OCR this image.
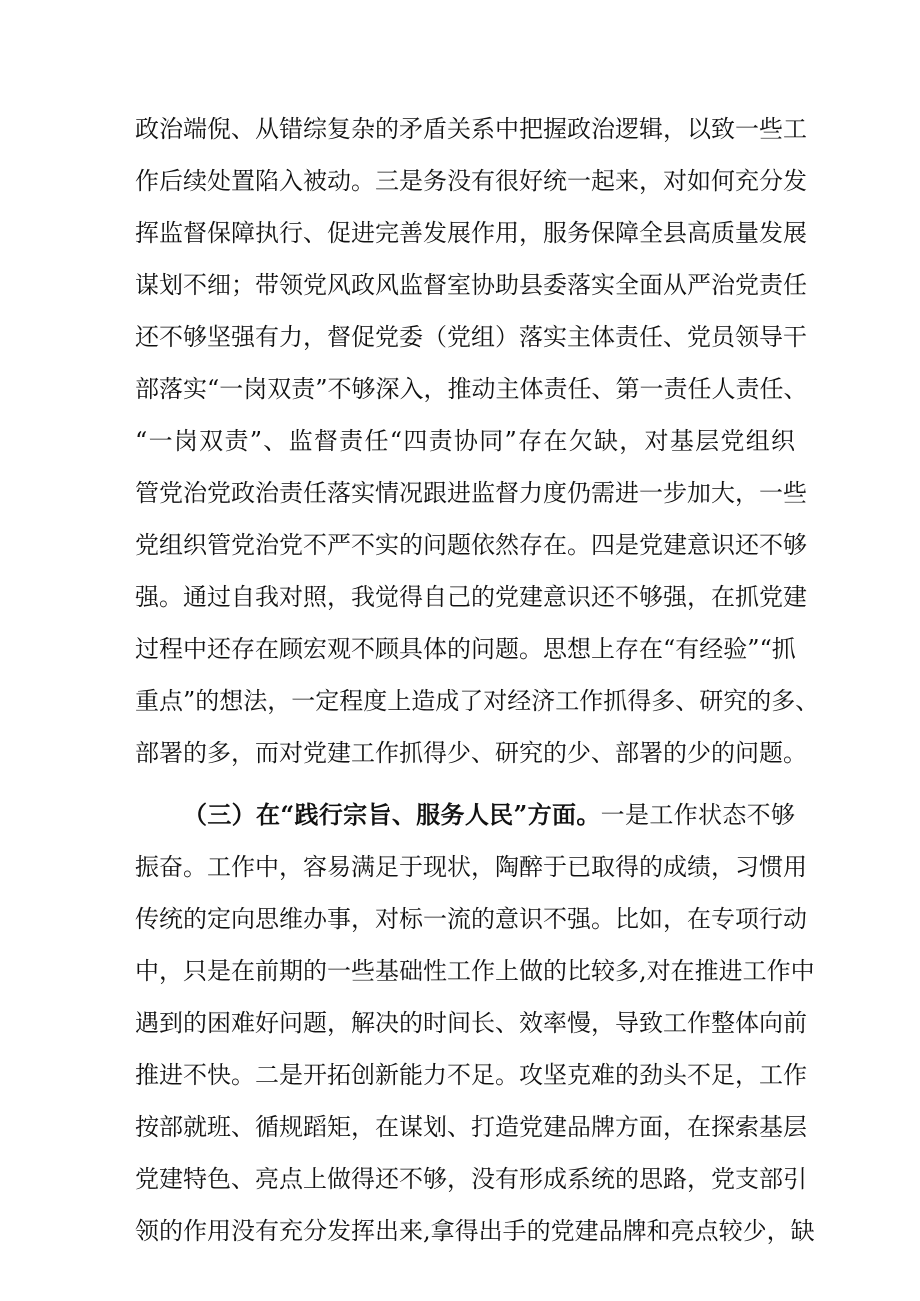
政治端倪、从错综复杂的矛盾关系中把握政治逻辑，以致一些工
作后续处置陷入被动。三是务没有很好统一起来，对如何充分发
挥监督保障执行、促进完善发展作用，服务保障全县高质量发展
谋划不细；带领党风政风监督室协助县委落实全面从严治党责任
还不够坚强有力，督促党委（党组）落实主体责任、党员领导干
部落实“一岗双责”不够深入，推动主体责任、第一责任人责任、
“一岗双责”、监督责任“四责协同”存在欠缺，对基层党组织
管党治党政治责任落实情况跟进监督力度仍需进一步加大，一些
党组织管党治党不严不实的问题依然存在。四是党建意识还不够
强。通过自我对照，我觉得自己的党建意识还不够强，在抓党建
过程中还存在顾宏观不顾具体的问题。思想上存在“有经验”“抓
重点”的想法，一定程度上造成了对经济工作抓得多、研究的多、
部署的多，而对党建工作抓得少、研究的少、部署的少的问题。
（三）在“践行宗旨、服务人民”方面。一是工作状态不够
振奋。工作中，容易满足于现状，陶醉于已取得的成绩，习惯用
传统的定向思维办事，对标一流的意识不强。比如，在专项行动
中，只是在前期的一些基础性工作上做的比较多,对在推进工作中
遇到的困难好问题，解决的时间长、效率慢，导致工作整体向前
推进不快。二是开拓创新能力不足。攻坚克难的劲头不足，工作
按部就班、循规蹈矩，在谋划、打造党建品牌方面，在探索基层
党建特色、亮点上做得还不够，没有形成系统的思路，党支部引
领的作用没有充分发挥出来,拿得出手的党建品牌和亮点较少，缺
